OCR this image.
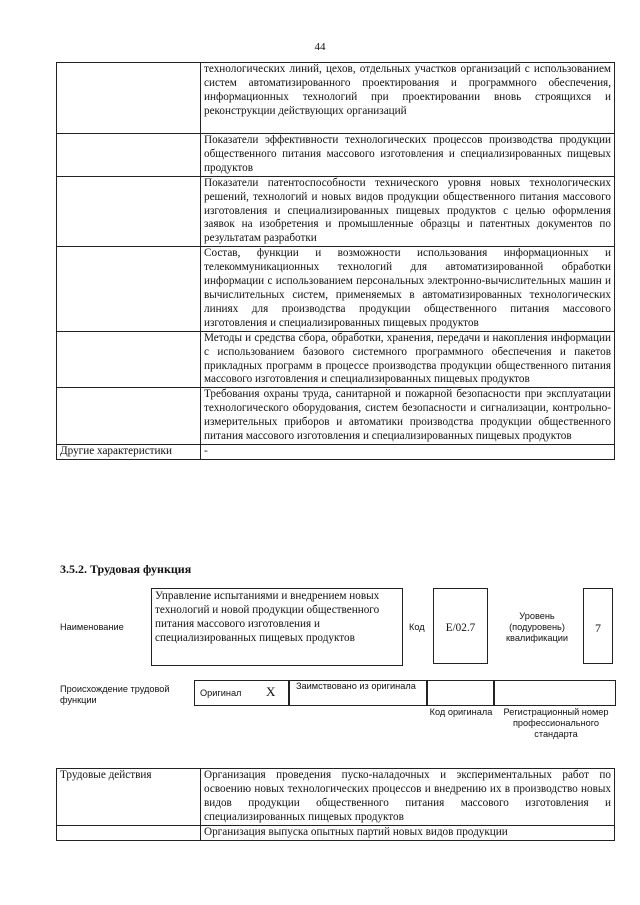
44
	технологических линий, цехов, отдельных участков организаций с использованием систем автоматизированного проектирования и программного обеспечения, информационных технологий при проектировании вновь строящихся и реконструкции действующих организаций
	Показатели эффективности технологических процессов производства продукции общественного питания массового изготовления и специализированных пищевых продуктов
	Показатели патентоспособности технического уровня новых технологических решений, технологий и новых видов продукции общественного питания массового изготовления и специализированных пищевых продуктов с целью оформления заявок на изобретения и промышленные образцы и патентных документов по результатам разработки
	Состав, функции и возможности использования информационных и телекоммуникационных технологий для автоматизированной обработки информации с использованием персональных электронно-вычислительных машин и вычислительных систем, применяемых в автоматизированных технологических линиях для производства продукции общественного питания массового изготовления и специализированных пищевых продуктов
	Методы и средства сбора, обработки, хранения, передачи и накопления информации с использованием базового системного программного обеспечения и пакетов прикладных программ в процессе производства продукции общественного питания массового изготовления и специализированных пищевых продуктов
	Требования охраны труда, санитарной и пожарной безопасности при эксплуатации технологического оборудования, систем безопасности и сигнализации, контрольно-измерительных приборов и автоматики производства продукции общественного питания массового изготовления и специализированных пищевых продуктов
Другие характеристики	-
3.5.2. Трудовая функция
Наименование
Управление испытаниями и внедрением новых технологий и новой продукции общественного питания массового изготовления и специализированных пищевых продуктов
Код	E/02.7
Уровень (подуровень) квалификации
7
Происхождение трудовой функции
Оригинал X Заимствовано из оригинала
Код оригинала	Регистрационный номер профессионального стандарта
Трудовые действия	Организация проведения пуско-наладочных и экспериментальных работ по освоению новых технологических процессов и внедрению их в производство новых видов продукции общественного питания массового изготовления и специализированных пищевых продуктов
	Организация выпуска опытных партий новых видов продукции
